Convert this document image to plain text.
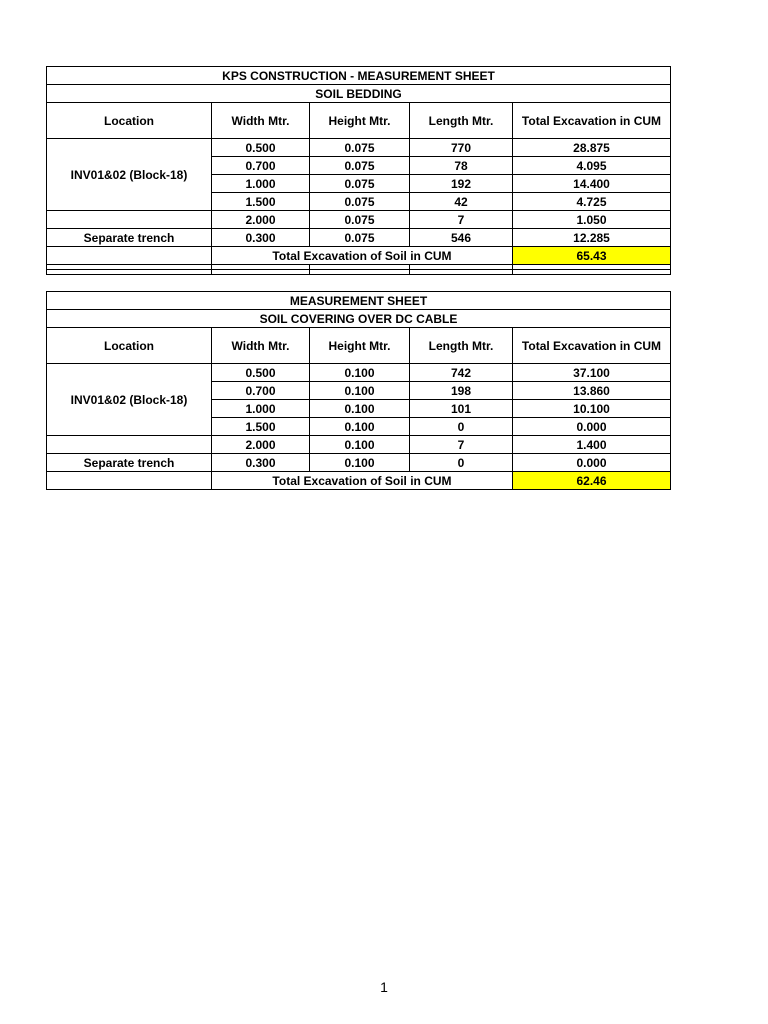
KPS CONSTRUCTION - MEASUREMENT SHEET				
SOIL BEDDING				
Location	Width Mtr.	Height Mtr.	Length Mtr.	Total Excavation in CUM
INV01&02 (Block-18)	0.500	0.075	770	28.875
	0.700	0.075	78	4.095
	1.000	0.075	192	14.400
	1.500	0.075	42	4.725
	2.000	0.075	7	1.050
Separate trench	0.300	0.075	546	12.285
	Total Excavation of Soil in CUM			65.43

MEASUREMENT SHEET				
SOIL COVERING OVER DC CABLE				
Location	Width Mtr.	Height Mtr.	Length Mtr.	Total Excavation in CUM
INV01&02 (Block-18)	0.500	0.100	742	37.100
	0.700	0.100	198	13.860
	1.000	0.100	101	10.100
	1.500	0.100	0	0.000
	2.000	0.100	7	1.400
Separate trench	0.300	0.100	0	0.000
	Total Excavation of Soil in CUM			62.46
1
